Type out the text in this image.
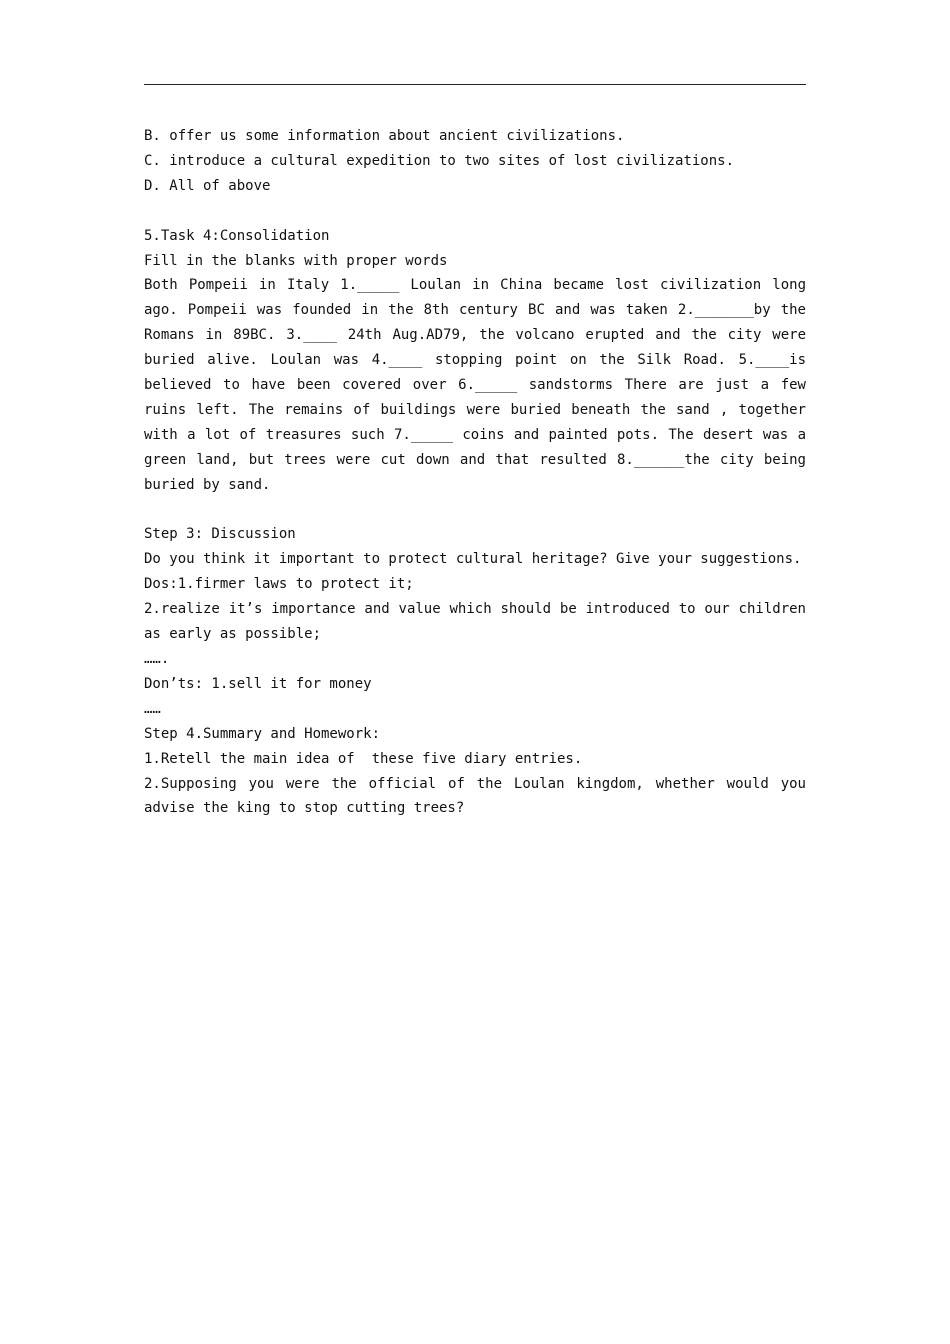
B. offer us some information about ancient civilizations.
C. introduce a cultural expedition to two sites of lost civilizations.
D. All of above
5.Task 4:Consolidation
Fill in the blanks with proper words
Both Pompeii in Italy 1._____ Loulan in China became lost civilization long ago. Pompeii was founded in the 8th century BC and was taken 2._______by the Romans in 89BC. 3.____ 24th Aug.AD79, the volcano erupted and the city were buried alive. Loulan was 4.____ stopping point on the Silk Road. 5.____is believed to have been covered over 6._____ sandstorms There are just a few ruins left. The remains of buildings were buried beneath the sand , together with a lot of treasures such 7._____ coins and painted pots. The desert was a green land, but trees were cut down and that resulted 8.______the city being buried by sand.
Step 3: Discussion
Do you think it important to protect cultural heritage? Give your suggestions.
Dos:1.firmer laws to protect it;
2.realize it’s importance and value which should be introduced to our children as early as possible;
…….
Don’ts: 1.sell it for money
……
Step 4.Summary and Homework:
1.Retell the main idea of  these five diary entries.
2.Supposing you were the official of the Loulan kingdom, whether would you advise the king to stop cutting trees?
